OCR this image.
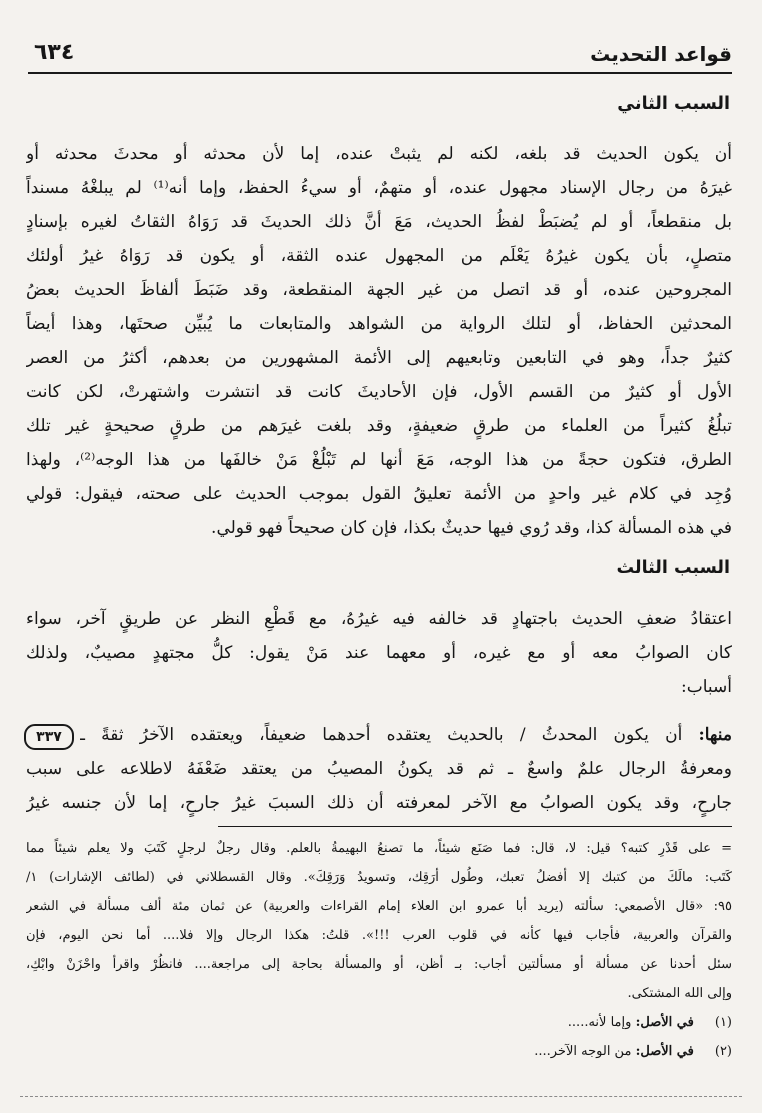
قواعد التحديث
٦٣٤
السبب الثاني
أن يكون الحديث قد بلغه، لكنه لم يثبتْ عنده، إما لأن محدثه أو محدثَ محدثه أو
غيرَهُ من رجال الإسناد مجهول عنده، أو متهمٌ، أو سيءُ الحفظ، وإما أنه⁽¹⁾ لم يبلغْهُ مسنداً
بل منقطعاً، أو لم يُضبَطْ لفظُ الحديث، مَعَ أنَّ ذلك الحديثَ قد رَوَاهُ الثقاتُ لغيره بإسنادٍ
متصلٍ، بأن يكون غيرُهُ يَعْلَم من المجهول عنده الثقة، أو يكون قد رَوَاهُ غيرُ أولئك
المجروحين عنده، أو قد اتصل من غير الجهة المنقطعة، وقد ضَبَطَ ألفاظَ الحديث بعضُ
المحدثين الحفاظ، أو لتلك الرواية من الشواهد والمتابعات ما يُبيِّن صحتَها، وهذا أيضاً
كثيرٌ جداً، وهو في التابعين وتابعيهم إلى الأئمة المشهورين من بعدهم، أكثرُ من العصر
الأول أو كثيرٌ من القسم الأول، فإن الأحاديثَ كانت قد انتشرت واشتهرتْ، لكن كانت
تبلُغُ كثيراً من العلماء من طرقٍ ضعيفةٍ، وقد بلغت غيرَهم من طرقٍ صحيحةٍ غير تلك
الطرق، فتكون حجةً من هذا الوجه، مَعَ أنها لم تَبْلُغْ مَنْ خالفَها من هذا الوجه⁽²⁾، ولهذا
وُجِد في كلام غير واحدٍ من الأئمة تعليقُ القول بموجب الحديث على صحته، فيقول: قولي
في هذه المسألة كذا، وقد رُوي فيها حديثٌ بكذا، فإن كان صحيحاً فهو قولي.
السبب الثالث
اعتقادُ ضعفِ الحديث باجتهادٍ قد خالفه فيه غيرُهُ، مع قَطْعِ النظر عن طريقٍ آخر، سواء
كان الصوابُ معه أو مع غيره، أو معهما عند مَنْ يقول: كلُّ مجتهدٍ مصيبٌ، ولذلك
أسباب:
٣٣٧	منها: أن يكون المحدثُ / بالحديث يعتقده أحدهما ضعيفاً، ويعتقده الآخرُ ثقةً ـ
ومعرفةُ الرجال علمٌ واسعٌ ـ ثم قد يكونُ المصيبُ من يعتقد ضَعْفَهُ لاطلاعه على سبب
جارحٍ، وقد يكون الصوابُ مع الآخر لمعرفته أن ذلك السببَ غيرُ جارحٍ، إما لأن جنسه غيرُ
= على قَدْرِ كتبه؟ قيل: لا، قال: فما صَنَع شيئاً، ما تصنعُ البهيمةُ بالعلم. وقال رجلٌ لرجلٍ كَتَبَ ولا يعلم شيئاً مما
كَتَب: مالَكَ من كتبك إلا أفضلُ تعبك، وطُول أرَقِك، وتسويدُ وَرَقِكَ». وقال القسطلاني في (لطائف الإشارات) ١/
٩٥: «قال الأصمعي: سألته (يريد أبا عمرو ابن العلاء إمام القراءات والعربية) عن ثمان مئة ألف مسألة في الشعر
والقرآن والعربية، فأجاب فيها كأنه في قلوب العرب !!!». قلتُ: هكذا الرجال وإلا فلا.... أما نحن اليوم، فإن
سئل أحدنا عن مسألة أو مسألتين أجاب: بـ أظن، أو والمسألة بحاجة إلى مراجعة.... فانظُرْ واقرأ واحْزَنْ وابْكِ،
وإلى الله المشتكى.
(١) في الأصل: وإما لأنه.....
(٢) في الأصل: من الوجه الآخر....
